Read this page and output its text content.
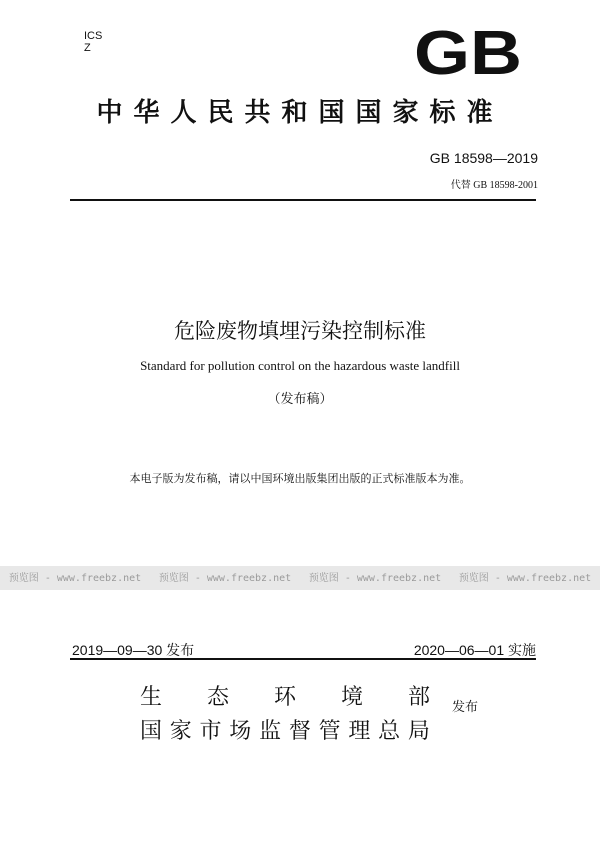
ICS
Z	GB
中华人民共和国国家标准
GB 18598—2019
代替 GB 18598-2001
危险废物填埋污染控制标准
Standard for pollution control on the hazardous waste landfill
（发布稿）
本电子版为发布稿，请以中国环境出版集团出版的正式标准版本为准。
预览图 - www.freebz.net 预览图 - www.freebz.net 预览图 - www.freebz.net 预览图 - www.freebz.net
2019—09—30 发布	2020—06—01 实施
生 态 环 境 部
国 家 市 场 监 督 管 理 总 局
发布
